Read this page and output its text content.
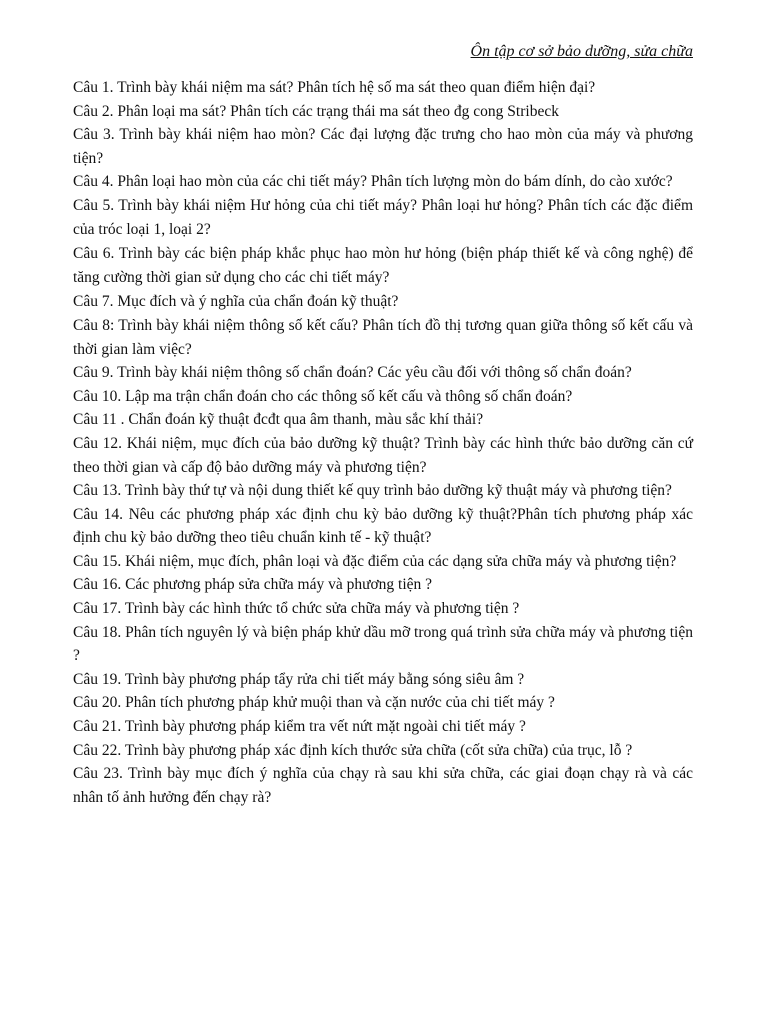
Ôn tập cơ sở bảo dưỡng, sửa chữa
Câu 1. Trình bày khái niệm ma sát? Phân tích hệ số ma sát theo quan điểm hiện đại?
Câu 2. Phân loại ma sát? Phân tích các trạng thái ma sát theo đg cong Stribeck
Câu 3. Trình bày khái niệm hao mòn? Các đại lượng đặc trưng cho hao mòn của máy và phương tiện?
Câu 4. Phân loại hao mòn của các chi tiết máy? Phân tích lượng mòn do bám dính, do cào xước?
Câu 5. Trình bày khái niệm Hư hỏng của chi tiết máy? Phân loại hư hỏng? Phân tích các đặc điểm của tróc loại 1, loại 2?
Câu 6. Trình bày các biện pháp khắc phục hao mòn hư hỏng (biện pháp thiết kế và công nghệ) để tăng cường thời gian sử dụng cho các chi tiết máy?
Câu 7. Mục đích và ý nghĩa của chẩn đoán kỹ thuật?
Câu 8: Trình bày khái niệm thông số kết cấu? Phân tích đồ thị tương quan giữa thông số kết cấu và thời gian làm việc?
Câu 9. Trình bày khái niệm thông số chẩn đoán? Các yêu cầu đối với thông số chẩn đoán?
Câu 10. Lập ma trận chẩn đoán cho các thông số kết cấu và thông số chẩn đoán?
Câu 11 . Chẩn đoán kỹ thuật đcđt qua âm thanh, màu sắc khí thải?
Câu 12. Khái niệm, mục đích của bảo dưỡng kỹ thuật? Trình bày các hình thức bảo dưỡng căn cứ theo thời gian và cấp độ bảo dưỡng máy và phương tiện?
Câu 13. Trình bày thứ tự và nội dung thiết kế quy trình bảo dưỡng kỹ thuật máy và phương tiện?
Câu 14. Nêu các phương pháp xác định chu kỳ bảo dưỡng kỹ thuật?Phân tích phương pháp xác định chu kỳ bảo dưỡng theo tiêu chuẩn kinh tế - kỹ thuật?
Câu 15. Khái niệm, mục đích, phân loại và đặc điểm của các dạng sửa chữa máy và phương tiện?
Câu 16. Các phương pháp sửa chữa máy và phương tiện ?
Câu 17. Trình bày các hình thức tổ chức sửa chữa máy và phương tiện ?
Câu 18. Phân tích nguyên lý và biện pháp khử dầu mỡ trong quá trình sửa chữa máy và phương tiện ?
Câu 19. Trình bày phương pháp tẩy rửa chi tiết máy bằng sóng siêu âm ?
Câu 20. Phân tích phương pháp khử muội than và cặn nước của chi tiết máy ?
Câu 21. Trình bày phương pháp kiểm tra vết nứt mặt ngoài chi tiết máy ?
Câu 22. Trình bày phương pháp xác định kích thước sửa chữa (cốt sửa chữa) của trục, lỗ ?
Câu 23. Trình bày mục đích ý nghĩa của chạy rà sau khi sửa chữa, các giai đoạn chạy rà và các nhân tố ảnh hưởng đến chạy rà?
